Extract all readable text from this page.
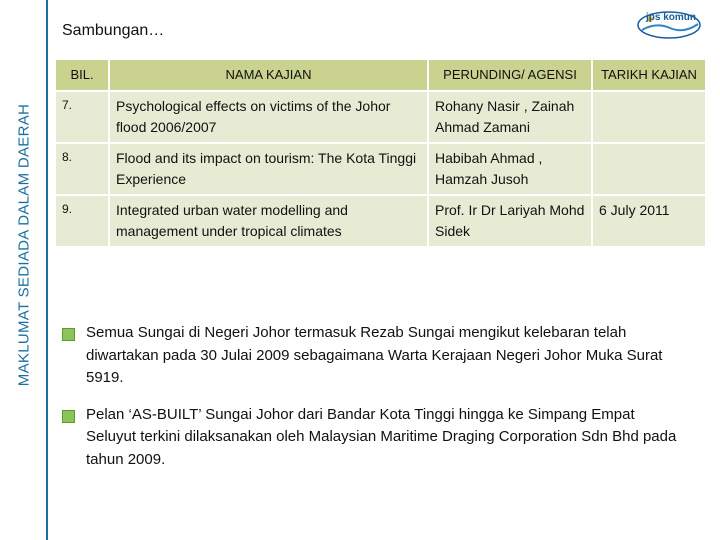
MAKLUMAT SEDIADA DALAM DAERAH
Sambungan…
jps komun
BIL.	NAMA KAJIAN	PERUNDING/ AGENSI	TARIKH KAJIAN
7.	Psychological effects on victims of the Johor flood 2006/2007	Rohany Nasir , Zainah Ahmad Zamani	
8.	Flood and its impact on tourism: The Kota Tinggi Experience	Habibah Ahmad , Hamzah Jusoh	
9.	Integrated urban water modelling and management under tropical climates	Prof. Ir Dr Lariyah Mohd Sidek	6 July 2011
Semua Sungai di Negeri Johor termasuk Rezab Sungai mengikut kelebaran telah diwartakan pada 30 Julai 2009 sebagaimana Warta Kerajaan Negeri Johor Muka Surat 5919.
Pelan ‘AS-BUILT’ Sungai Johor dari Bandar Kota Tinggi hingga ke Simpang Empat Seluyut terkini dilaksanakan oleh Malaysian Maritime Draging Corporation Sdn Bhd pada tahun 2009.
